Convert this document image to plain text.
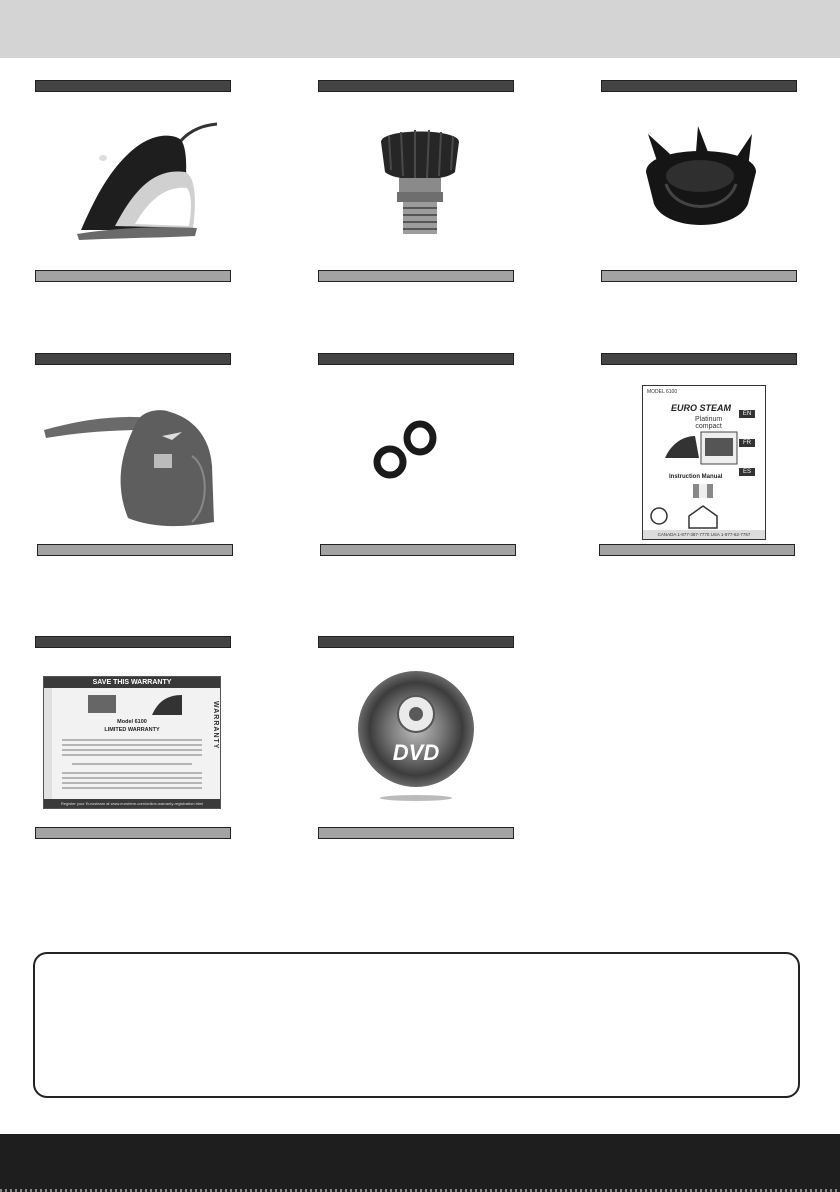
MODEL 6100
EURO STEAM
Platinum
compact
EN
FR
ES
Instruction Manual
CANADA 1-877-387-7770 USA 1-877-62-7757
SAVE THIS WARRANTY
Model 6100
LIMITED WARRANTY	WARRANTY
Register your Eurosteam at www.euroterm.com/online-warranty-registration.html
DVD
